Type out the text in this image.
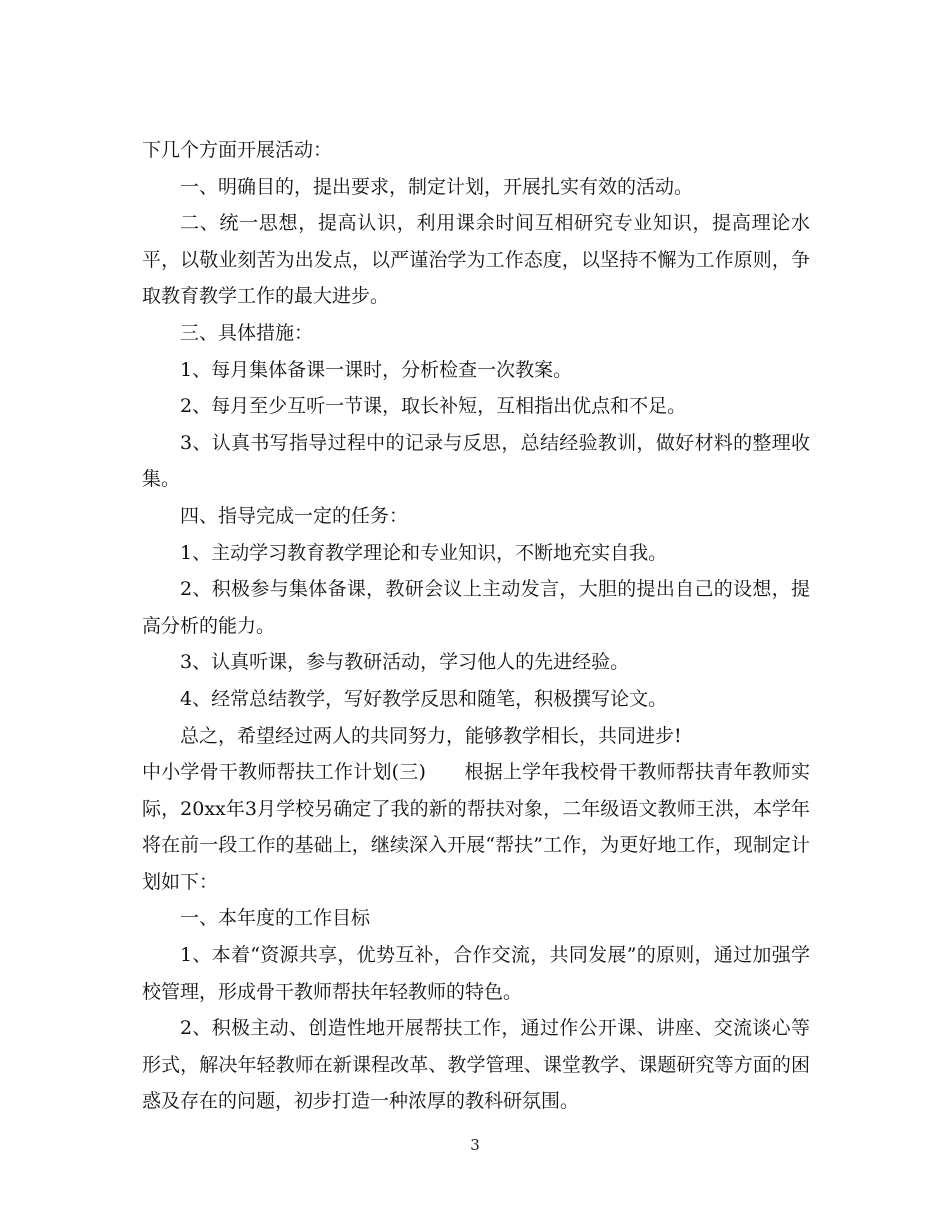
下几个方面开展活动：

一、明确目的，提出要求，制定计划，开展扎实有效的活动。

二、统一思想，提高认识，利用课余时间互相研究专业知识，提高理论水平，以敬业刻苦为出发点，以严谨治学为工作态度，以坚持不懈为工作原则，争取教育教学工作的最大进步。

三、具体措施：

1、每月集体备课一课时，分析检查一次教案。

2、每月至少互听一节课，取长补短，互相指出优点和不足。

3、认真书写指导过程中的记录与反思，总结经验教训，做好材料的整理收集。

四、指导完成一定的任务：

1、主动学习教育教学理论和专业知识，不断地充实自我。

2、积极参与集体备课，教研会议上主动发言，大胆的提出自己的设想，提高分析的能力。

3、认真听课，参与教研活动，学习他人的先进经验。

4、经常总结教学，写好教学反思和随笔，积极撰写论文。

总之，希望经过两人的共同努力，能够教学相长，共同进步!

中小学骨干教师帮扶工作计划(三)　　根据上学年我校骨干教师帮扶青年教师实际，20xx年3月学校另确定了我的新的帮扶对象，二年级语文教师王洪，本学年将在前一段工作的基础上，继续深入开展“帮扶”工作，为更好地工作，现制定计划如下：

一、本年度的工作目标

1、本着“资源共享，优势互补，合作交流，共同发展”的原则，通过加强学校管理，形成骨干教师帮扶年轻教师的特色。

2、积极主动、创造性地开展帮扶工作，通过作公开课、讲座、交流谈心等形式，解决年轻教师在新课程改革、教学管理、课堂教学、课题研究等方面的困惑及存在的问题，初步打造一种浓厚的教科研氛围。

3
